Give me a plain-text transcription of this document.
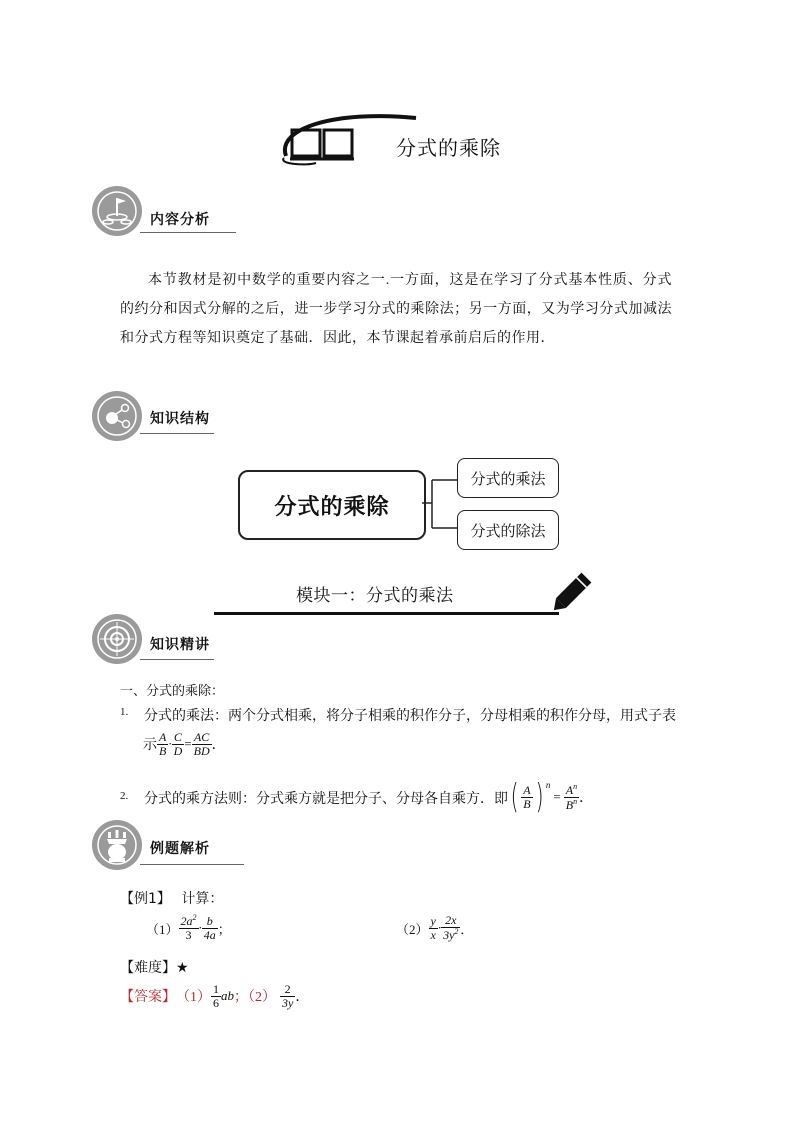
分式的乘除
内容分析
本节教材是初中数学的重要内容之一.一方面，这是在学习了分式基本性质、分式的约分和因式分解的之后，进一步学习分式的乘除法；另一方面，又为学习分式加减法和分式方程等知识奠定了基础．因此，本节课起着承前启后的作用．
知识结构
分式的乘除
分式的乘法
分式的除法
模块一：分式的乘法
知识精讲
一、分式的乘除：
1. 分式的乘法：两个分式相乘，将分子相乘的积作分子，分母相乘的积作分母，用式子表
示 $\frac{A}{B} \cdot \frac{C}{D} = \frac{AC}{BD}$ ．
2. 分式的乘方法则：分式乘方就是把分子、分母各自乘方．即 ( $\frac{A}{B}$ ) n
= $\frac{A^n}{B^n}$ ．
例题解析
【例1】 计算：
$(1) \frac{2a^2}{3} \cdot \frac{b}{4a}$ ；	$(2) \frac{y}{x} \cdot \frac{2x}{3y^2}$ ．
【难度】★
【答案】 $(1) \frac{1}{6}$ ab ；$(2) \frac{2}{3y}$ ．
